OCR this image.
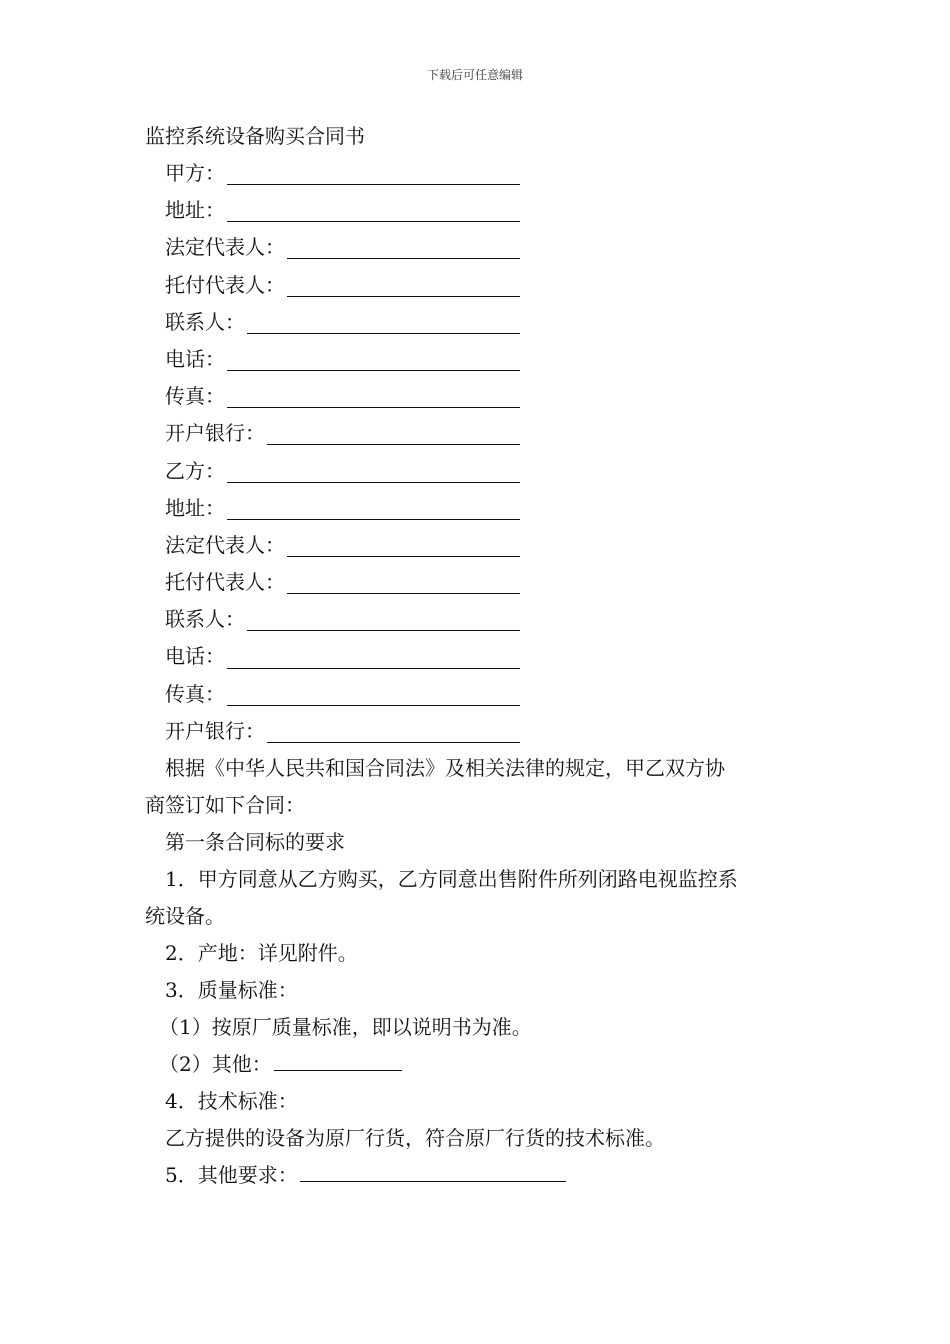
下载后可任意编辑
监控系统设备购买合同书
甲方：
地址：
法定代表人：
托付代表人：
联系人：
电话：
传真：
开户银行：
乙方：
地址：
法定代表人：
托付代表人：
联系人：
电话：
传真：
开户银行：
根据《中华人民共和国合同法》及相关法律的规定，甲乙双方协
商签订如下合同：
第一条合同标的要求
1．甲方同意从乙方购买，乙方同意出售附件所列闭路电视监控系
统设备。
2．产地：详见附件。
3．质量标准：
（1）按原厂质量标准，即以说明书为准。
（2）其他：
4．技术标准：
乙方提供的设备为原厂行货，符合原厂行货的技术标准。
5．其他要求：
